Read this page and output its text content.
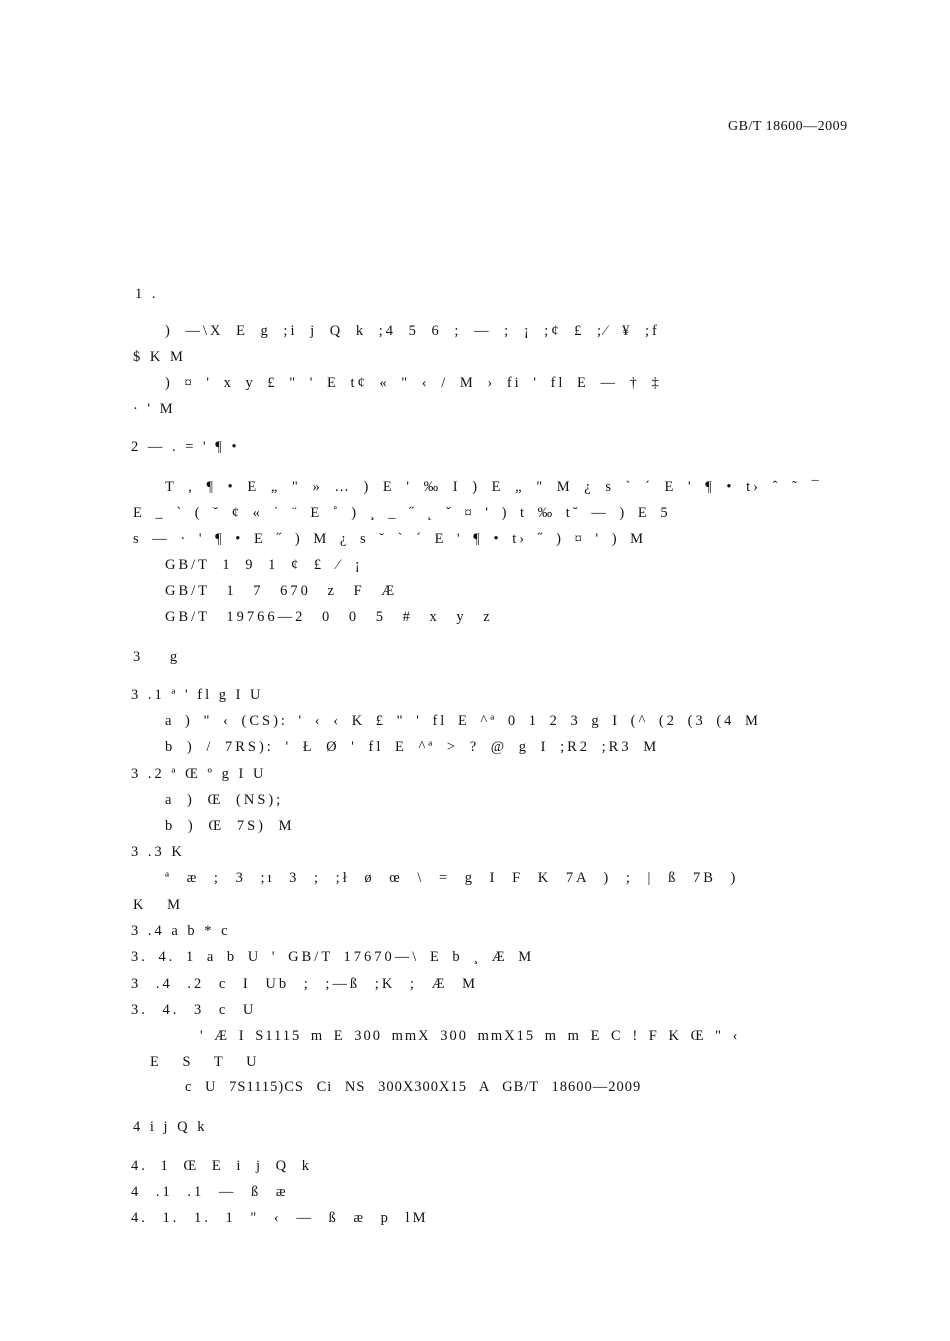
GB/T 18600—2009
1 .
) —\X E g ;i j Q k ;4 5 6 ; — ; ¡ ;¢ £ ;⁄ ¥ ;f
$ K M
) ¤ ' x y £ " ' E t¢ « " ‹ / M › fi ' fl E — † ‡
· ' M
2 — . = ' ¶ •
T , ¶ • E „ " » … ) E ' ‰ I ) E „ " M ¿ s ` ´ E ' ¶ • t› ˆ ˜ ¯
E _ ` ( ˘ ¢ « ˙ ¨ E ˚ ) ¸ _ ˝ ˛ ˇ ¤ ' ) t ‰ t˘ — ) E 5
s — · ' ¶ • E ˝ ) M ¿ s ˘ ` ´ E ' ¶ • t› ˝ ) ¤ ' ) M
GB/T 1 9 1 ¢ £ ⁄ ¡
GB/T 1 7 670 z F Æ
GB/T 19766—2 0 0 5 # x y z
3 g
3 .1 ª ' fl g I U
a ) " ‹ (CS): ' ‹ ‹ K £ " ' fl E ^ª 0 1 2 3 g I (^ (2 (3 (4 M
b ) / 7RS): ' Ł Ø ' fl E ^ª > ? @ g I ;R2 ;R3 M
3 .2 ª Œ º g I U
a ) Œ (NS);
b ) Œ 7S) M
3 .3 K
ª æ ; 3 ;ı 3 ; ;ł ø œ \ = g I F K 7A ) ; | ß 7B )
K M
3 .4 a b * c
3. 4. 1 a b U ' GB/T 17670—\ E b ¸ Æ M
3 .4 .2 c I Ub ; ;—ß ;K ; Æ M
3. 4. 3 c U
' Æ I S1115 m E 300 mmX 300 mmX15 m m E C ! F K Œ " ‹
E S T U
c U 7S1115)CS Ci NS 300X300X15 A GB/T 18600—2009
4 i j Q k
4. 1 Œ E i j Q k
4 .1 .1 — ß æ
4. 1. 1. 1 " ‹ — ß æ p lM
